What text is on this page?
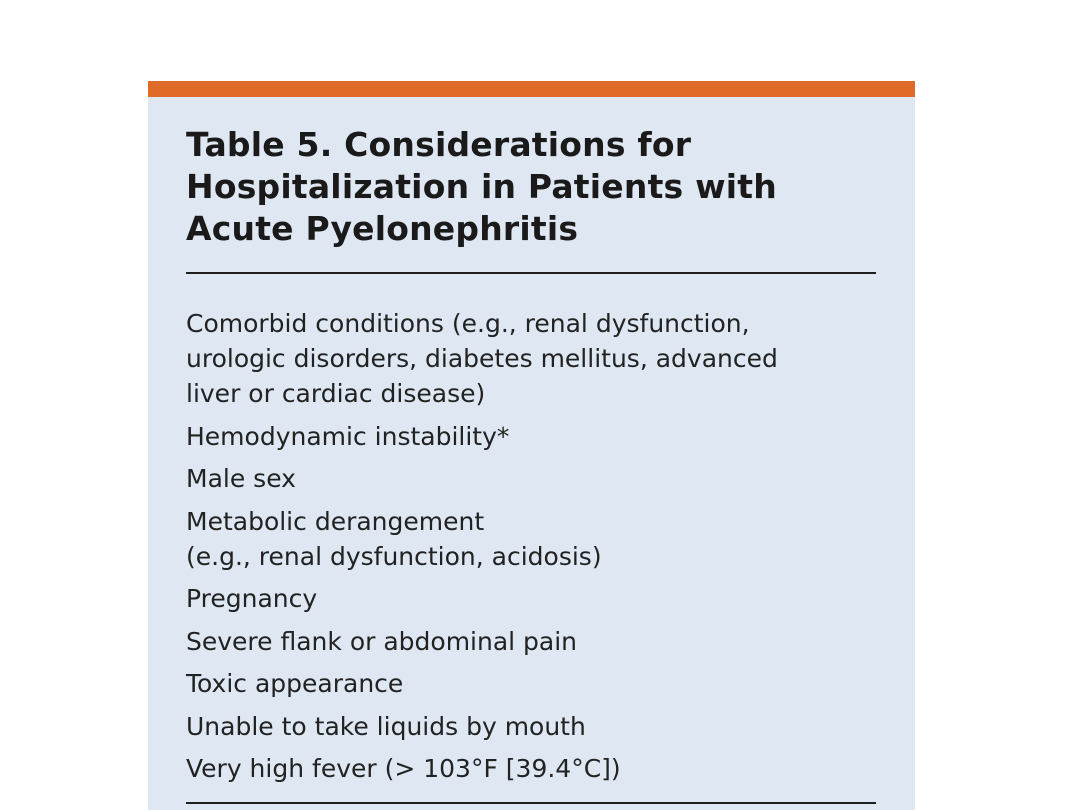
Table 5. Considerations for
Hospitalization in Patients with
Acute Pyelonephritis
Comorbid conditions (e.g., renal dysfunction,
urologic disorders, diabetes mellitus, advanced
liver or cardiac disease)
Hemodynamic instability*
Male sex
Metabolic derangement
(e.g., renal dysfunction, acidosis)
Pregnancy
Severe flank or abdominal pain
Toxic appearance
Unable to take liquids by mouth
Very high fever (> 103°F [39.4°C])
